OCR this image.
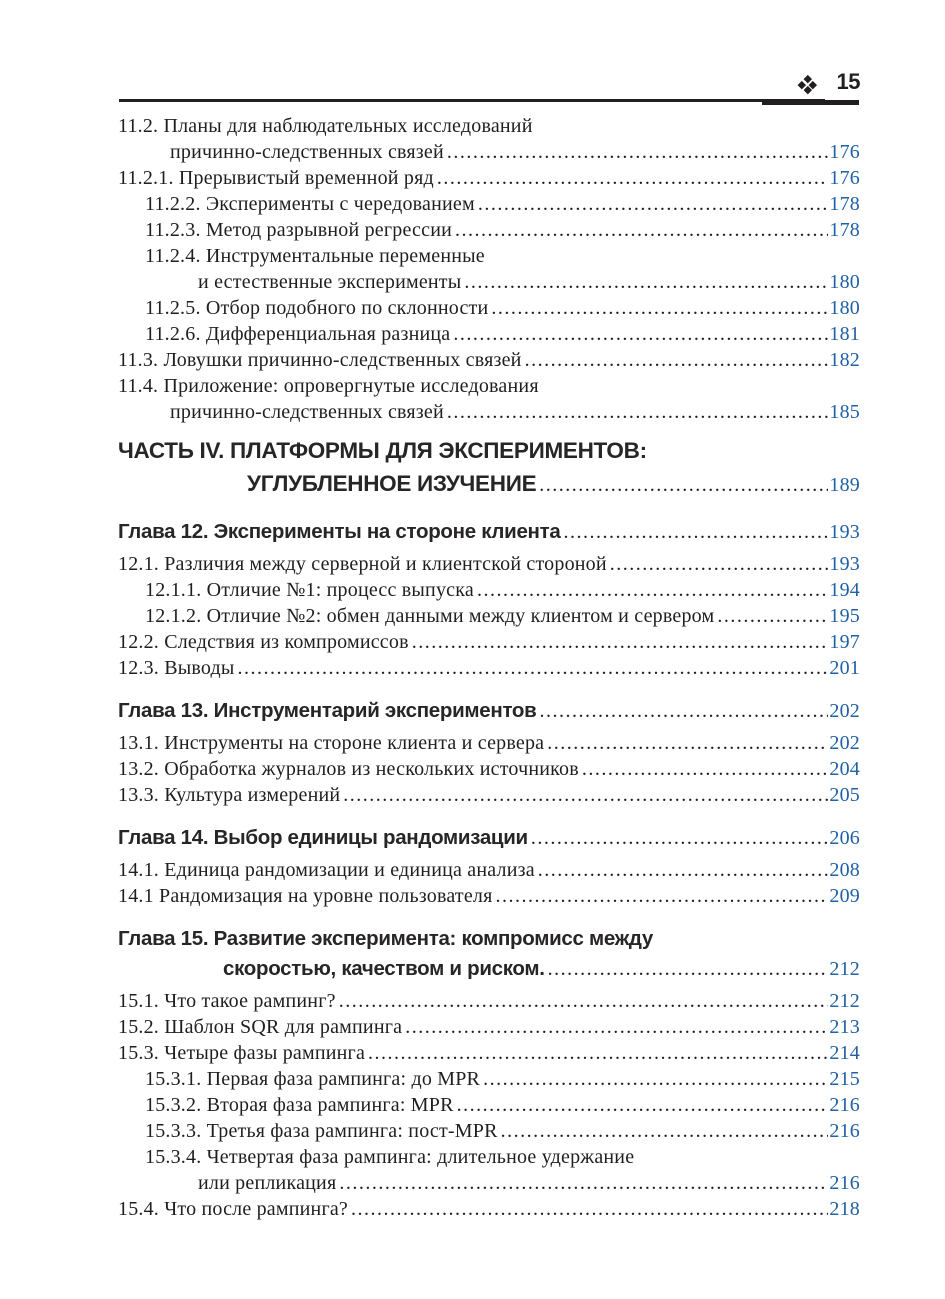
15
11.2. Планы для наблюдательных исследований
причинно-следственных связей .....	176
11.2.1. Прерывистый временной ряд .....	176
11.2.2. Эксперименты с чередованием .....	178
11.2.3. Метод разрывной регрессии .....	178
11.2.4. Инструментальные переменные
и естественные эксперименты .....	180
11.2.5. Отбор подобного по склонности .....	180
11.2.6. Дифференциальная разница .....	181
11.3. Ловушки причинно-следственных связей .....	182
11.4. Приложение: опровергнутые исследования
причинно-следственных связей .....	185
ЧАСТЬ IV. ПЛАТФОРМЫ ДЛЯ ЭКСПЕРИМЕНТОВ:
УГЛУБЛЕННОЕ ИЗУЧЕНИЕ .....	189
Глава 12. Эксперименты на стороне клиента .....	193
12.1. Различия между серверной и клиентской стороной .....	193
12.1.1. Отличие №1: процесс выпуска .....	194
12.1.2. Отличие №2: обмен данными между клиентом и сервером .....	195
12.2. Следствия из компромиссов .....	197
12.3. Выводы .....	201
Глава 13. Инструментарий экспериментов .....	202
13.1. Инструменты на стороне клиента и сервера .....	202
13.2. Обработка журналов из нескольких источников .....	204
13.3. Культура измерений .....	205
Глава 14. Выбор единицы рандомизации .....	206
14.1. Единица рандомизации и единица анализа .....	208
14.1 Рандомизация на уровне пользователя .....	209
Глава 15. Развитие эксперимента: компромисс между
скоростью, качеством и риском. .....	212
15.1. Что такое рампинг? .....	212
15.2. Шаблон SQR для рампинга .....	213
15.3. Четыре фазы рампинга .....	214
15.3.1. Первая фаза рампинга: до MPR .....	215
15.3.2. Вторая фаза рампинга: MPR .....	216
15.3.3. Третья фаза рампинга: пост-MPR .....	216
15.3.4. Четвертая фаза рампинга: длительное удержание
или репликация .....	216
15.4. Что после рампинга? .....	218
